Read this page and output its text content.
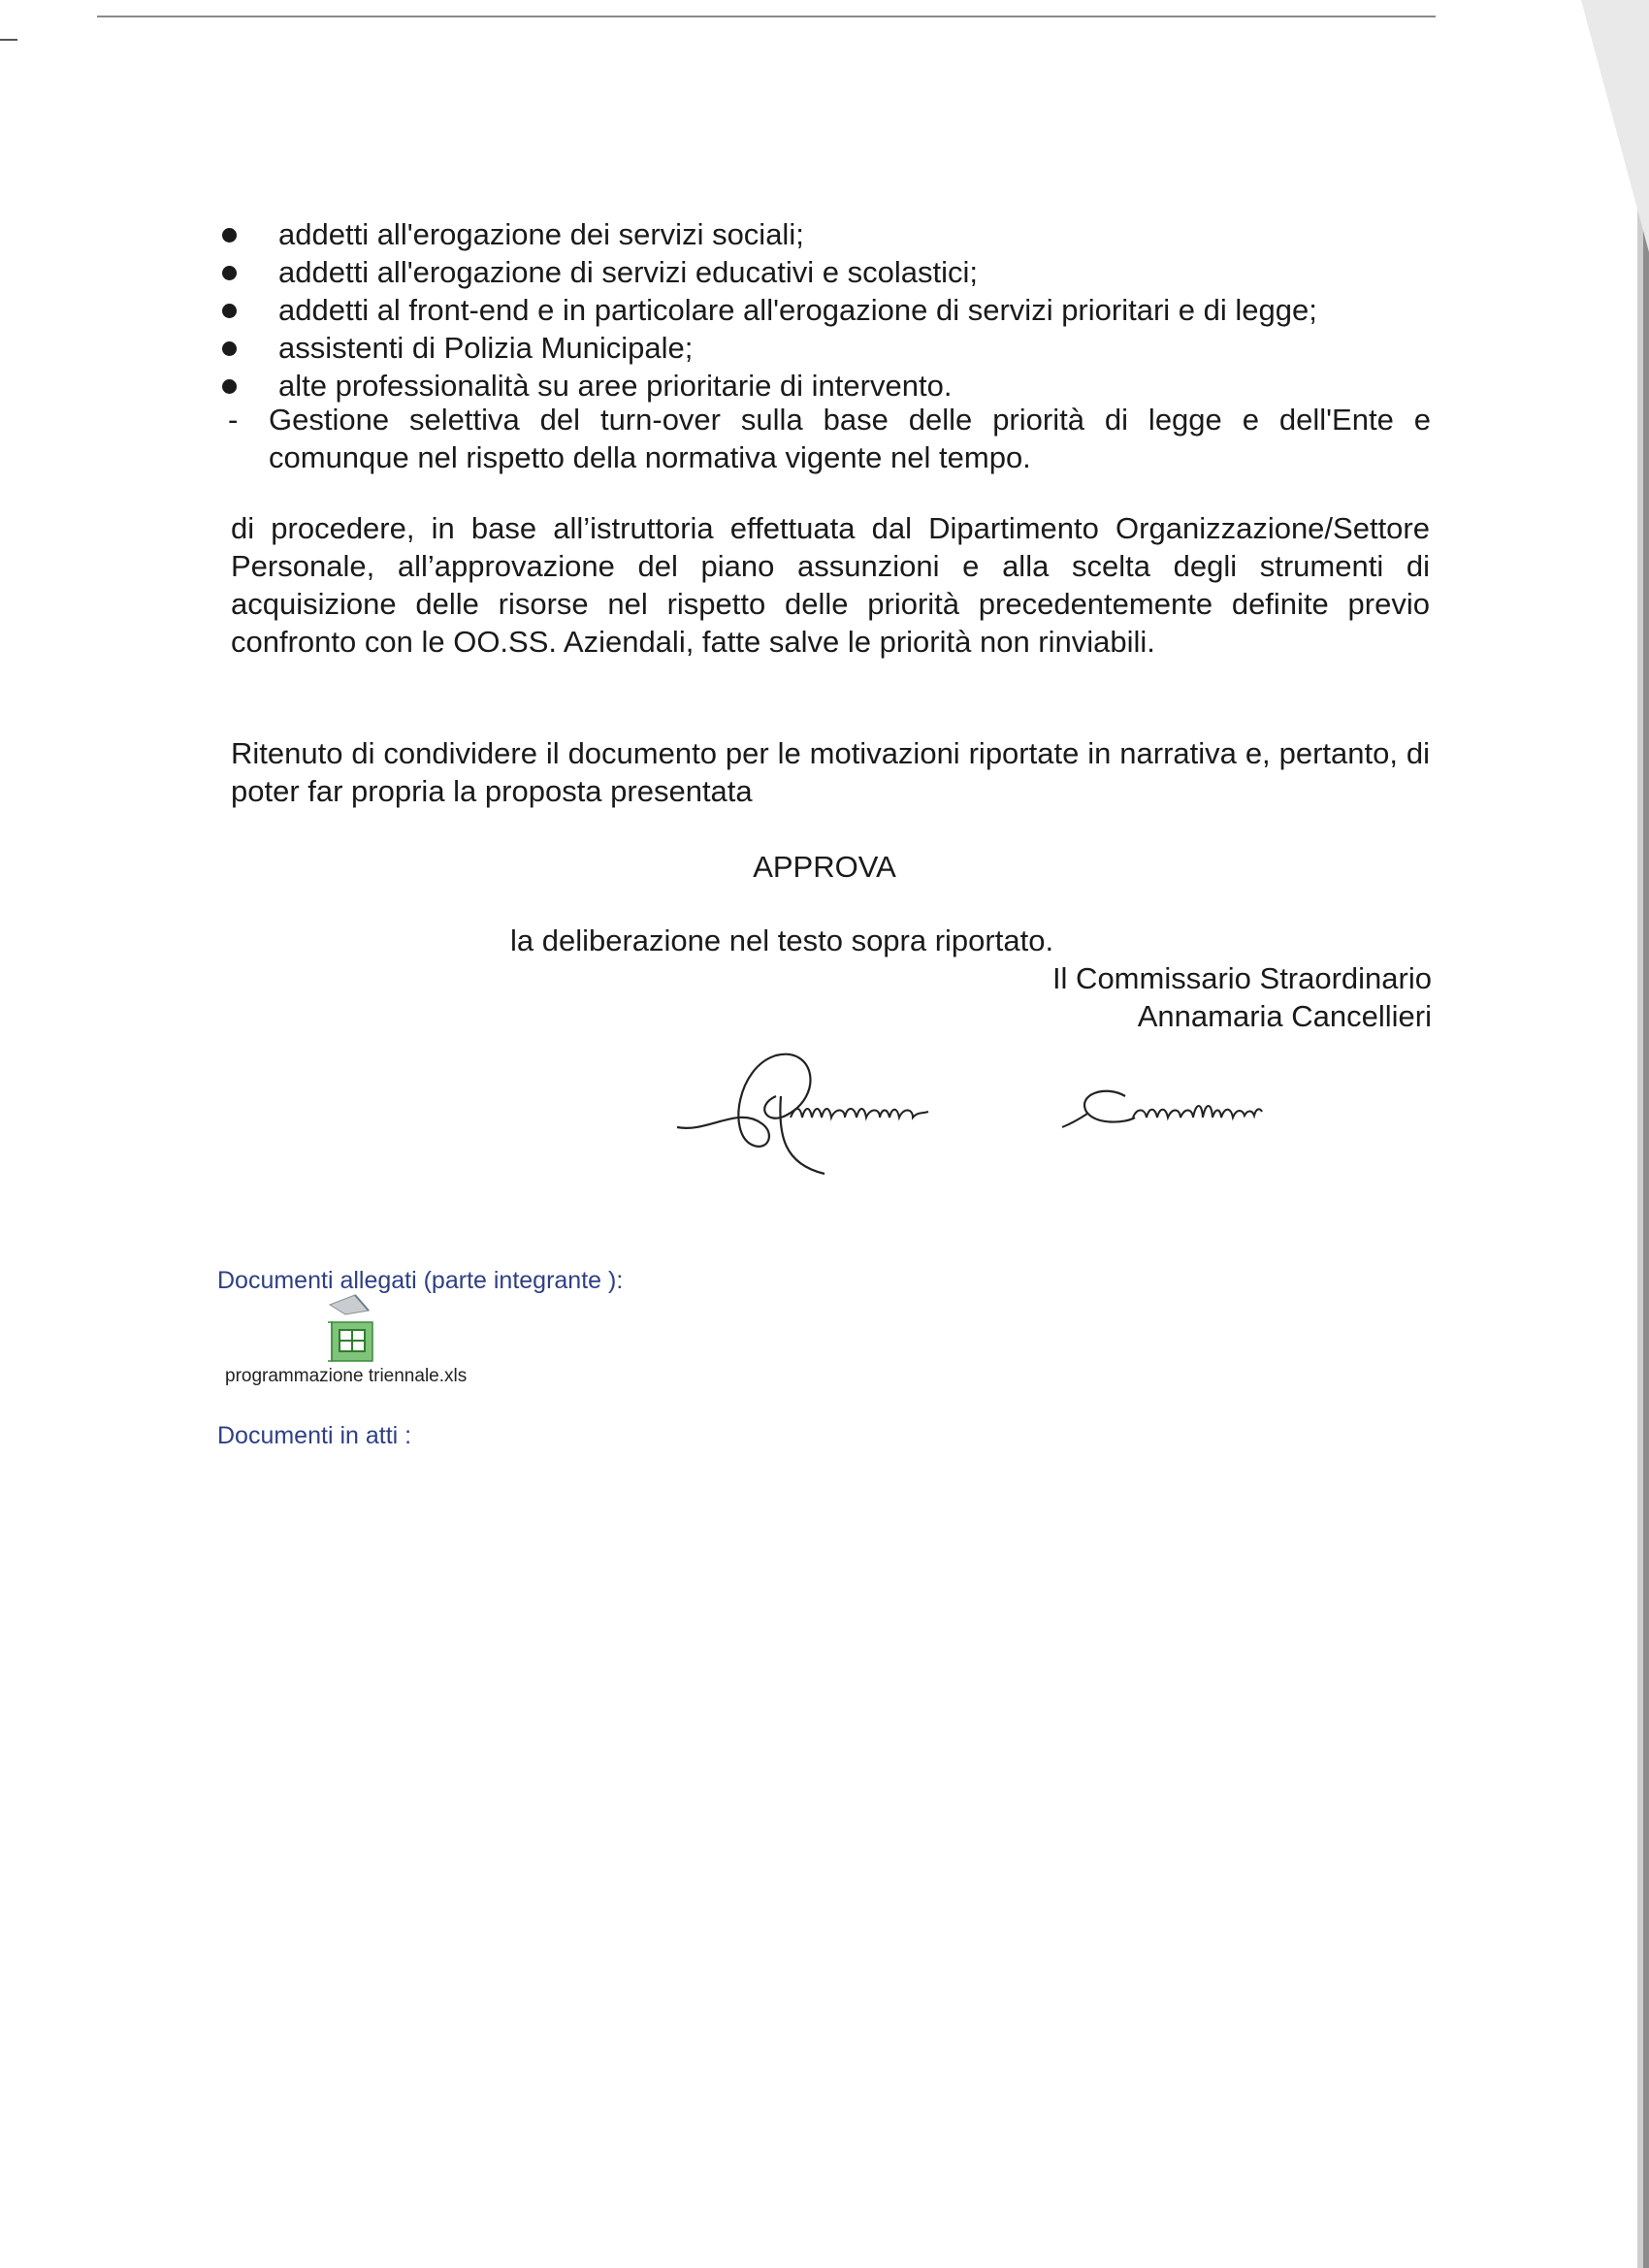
addetti all'erogazione dei servizi sociali;
addetti all'erogazione di servizi educativi e scolastici;
addetti al front-end e in particolare all'erogazione di servizi prioritari e di legge;
assistenti di Polizia Municipale;
alte professionalità su aree prioritarie di intervento.
- Gestione selettiva del turn-over sulla base delle priorità di legge e dell'Ente e comunque nel rispetto della normativa vigente nel tempo.
di procedere, in base all’istruttoria effettuata dal Dipartimento Organizzazione/Settore Personale, all’approvazione del piano assunzioni e alla scelta degli strumenti di acquisizione delle risorse nel rispetto delle priorità precedentemente definite previo confronto con le OO.SS. Aziendali, fatte salve le priorità non rinviabili.
Ritenuto di condividere il documento per le motivazioni riportate in narrativa e, pertanto, di poter far propria la proposta presentata
APPROVA
la deliberazione nel testo sopra riportato.
Il Commissario Straordinario
Annamaria Cancellieri
Documenti allegati (parte integrante ):
programmazione triennale.xls
Documenti in atti :
